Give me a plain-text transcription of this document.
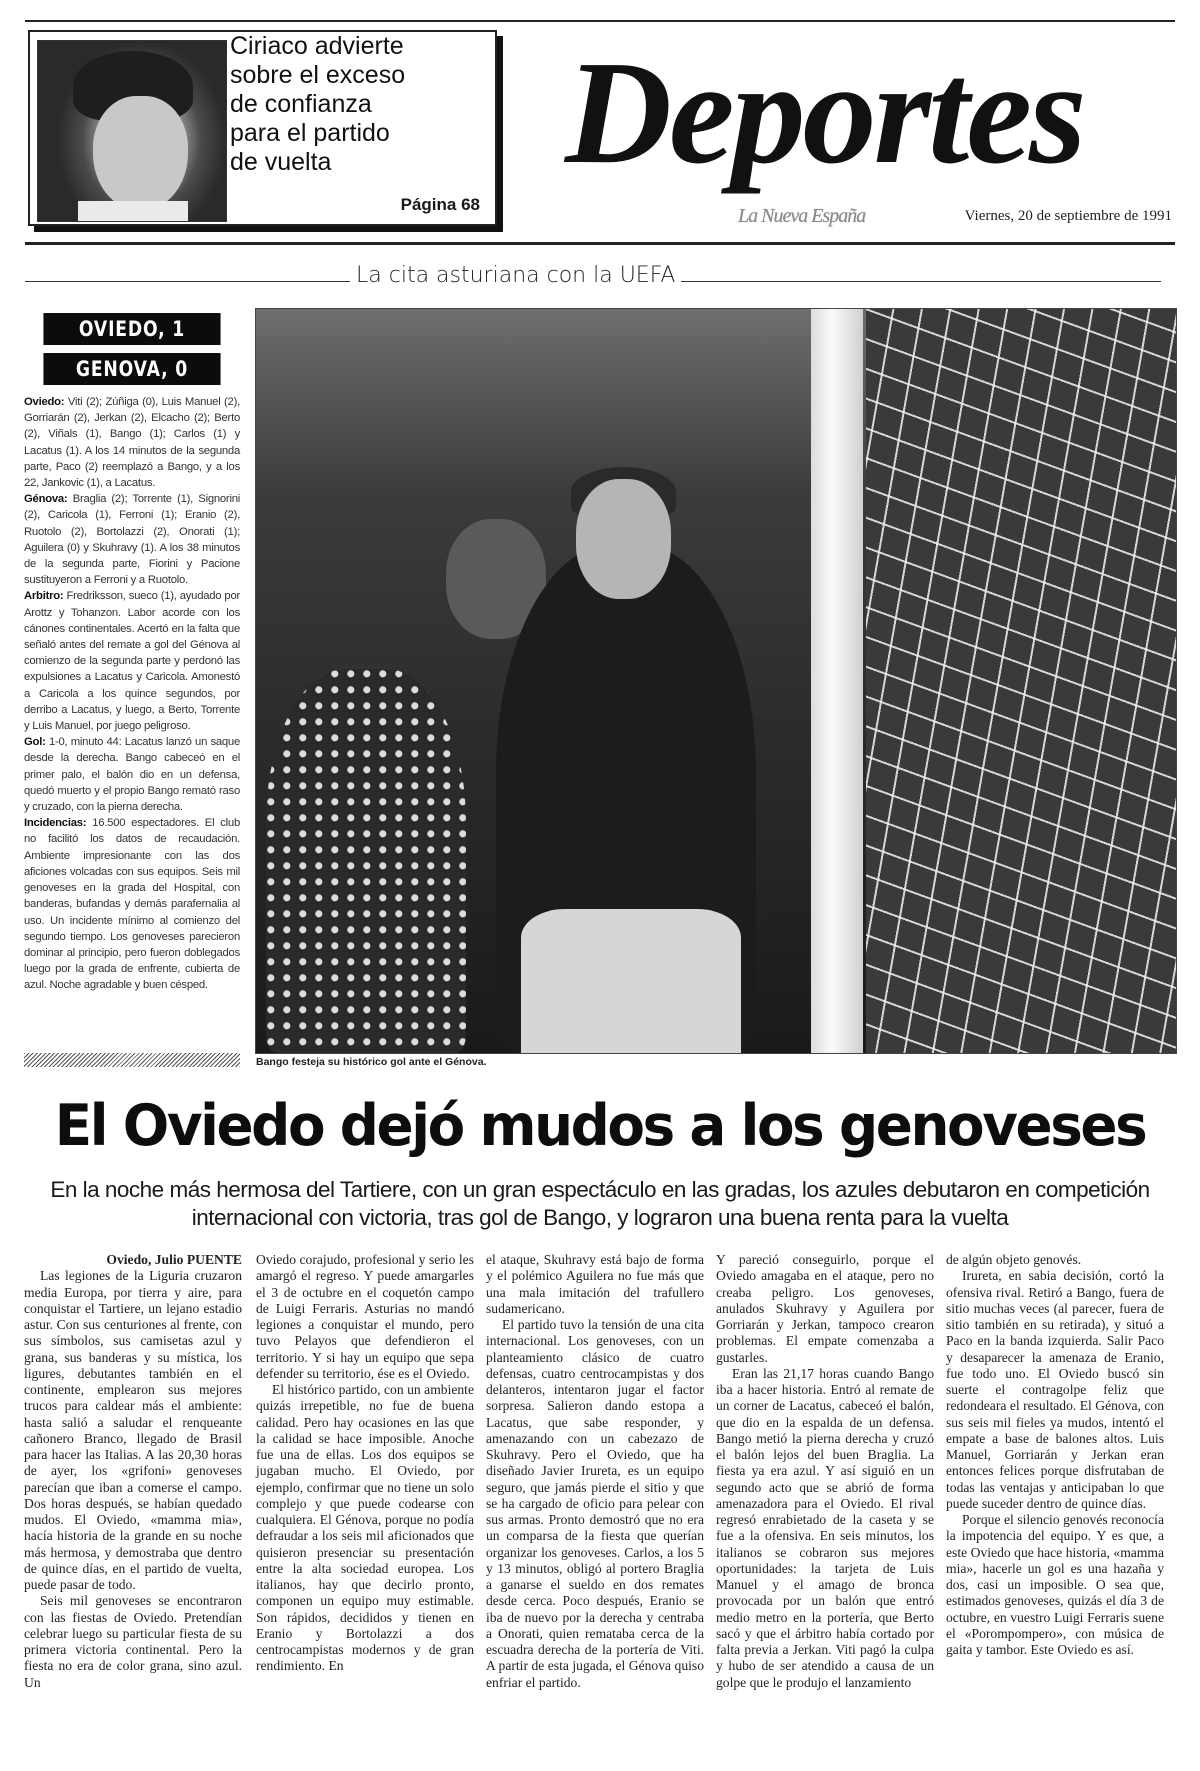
Ciriaco advierte
sobre el exceso
de confianza
para el partido
de vuelta
Página 68
Deportes
La Nueva España	Viernes, 20 de septiembre de 1991
La cita asturiana con la UEFA
OVIEDO, 1
GENOVA, 0

Oviedo: Viti (2); Zúñiga (0), Luis Manuel (2), Gorriarán (2), Jerkan (2), Elcacho (2); Berto (2), Viñals (1), Bango (1); Carlos (1) y Lacatus (1). A los 14 minutos de la segunda parte, Paco (2) reemplazó a Bango, y a los 22, Jankovic (1), a Lacatus.

Génova: Braglia (2); Torrente (1), Signorini (2), Caricola (1), Ferroni (1); Eranio (2), Ruotolo (2), Bortolazzi (2), Onorati (1); Aguilera (0) y Skuhravy (1). A los 38 minutos de la segunda parte, Fiorini y Pacione sustituyeron a Ferroni y a Ruotolo.

Arbitro: Fredriksson, sueco (1), ayudado por Arottz y Tohanzon. Labor acorde con los cánones continentales. Acertó en la falta que señaló antes del remate a gol del Génova al comienzo de la segunda parte y perdonó las expulsiones a Lacatus y Caricola. Amonestó a Caricola a los quince segundos, por derribo a Lacatus, y luego, a Berto, Torrente y Luis Manuel, por juego peligroso.

Gol: 1-0, minuto 44: Lacatus lanzó un saque desde la derecha. Bango cabeceó en el primer palo, el balón dio en un defensa, quedó muerto y el propio Bango remató raso y cruzado, con la pierna derecha.

Incidencias: 16.500 espectadores. El club no facilitó los datos de recaudación. Ambiente impresionante con las dos aficiones volcadas con sus equipos. Seis mil genoveses en la grada del Hospital, con banderas, bufandas y demás parafernalia al uso. Un incidente mínimo al comienzo del segundo tiempo. Los genoveses parecieron dominar al principio, pero fueron doblegados luego por la grada de enfrente, cubierta de azul. Noche agradable y buen césped.

Bango festeja su histórico gol ante el Génova.
El Oviedo dejó mudos a los genoveses
En la noche más hermosa del Tartiere, con un gran espectáculo en las gradas, los azules debutaron en competición internacional con victoria, tras gol de Bango, y lograron una buena renta para la vuelta

Oviedo, Julio PUENTE

Las legiones de la Liguria cruzaron media Europa, por tierra y aire, para conquistar el Tartiere, un lejano estadio astur. Con sus centuriones al frente, con sus símbolos, sus camisetas azul y grana, sus banderas y su mística, los ligures, debutantes también en el continente, emplearon sus mejores trucos para caldear más el ambiente: hasta salió a saludar el renqueante cañonero Branco, llegado de Brasil para hacer las Italias. A las 20,30 horas de ayer, los «grifoni» genoveses parecían que iban a comerse el campo. Dos horas después, se habían quedado mudos. El Oviedo, «mamma mia», hacía historia de la grande en su noche más hermosa, y demostraba que dentro de quince días, en el partido de vuelta, puede pasar de todo.

Seis mil genoveses se encontraron con las fiestas de Oviedo. Pretendían celebrar luego su particular fiesta de su primera victoria continental. Pero la fiesta no era de color grana, sino azul. Un

Oviedo corajudo, profesional y serio les amargó el regreso. Y puede amargarles el 3 de octubre en el coquetón campo de Luigi Ferraris. Asturias no mandó legiones a conquistar el mundo, pero tuvo Pelayos que defendieron el territorio. Y si hay un equipo que sepa defender su territorio, ése es el Oviedo.

El histórico partido, con un ambiente quizás irrepetible, no fue de buena calidad. Pero hay ocasiones en las que la calidad se hace imposible. Anoche fue una de ellas. Los dos equipos se jugaban mucho. El Oviedo, por ejemplo, confirmar que no tiene un solo complejo y que puede codearse con cualquiera. El Génova, porque no podía defraudar a los seis mil aficionados que quisieron presenciar su presentación entre la alta sociedad europea. Los italianos, hay que decirlo pronto, componen un equipo muy estimable. Son rápidos, decididos y tienen en Eranio y Bortolazzi a dos centrocampistas modernos y de gran rendimiento. En

el ataque, Skuhravy está bajo de forma y el polémico Aguilera no fue más que una mala imitación del trafullero sudamericano.

El partido tuvo la tensión de una cita internacional. Los genoveses, con un planteamiento clásico de cuatro defensas, cuatro centrocampistas y dos delanteros, intentaron jugar el factor sorpresa. Salieron dando estopa a Lacatus, que sabe responder, y amenazando con un cabezazo de Skuhravy. Pero el Oviedo, que ha diseñado Javier Irureta, es un equipo seguro, que jamás pierde el sitio y que se ha cargado de oficio para pelear con sus armas. Pronto demostró que no era un comparsa de la fiesta que querían organizar los genoveses. Carlos, a los 5 y 13 minutos, obligó al portero Braglia a ganarse el sueldo en dos remates desde cerca. Poco después, Eranio se iba de nuevo por la derecha y centraba a Onorati, quien remataba cerca de la escuadra derecha de la portería de Viti. A partir de esta jugada, el Génova quiso enfriar el partido.

Y pareció conseguirlo, porque el Oviedo amagaba en el ataque, pero no creaba peligro. Los genoveses, anulados Skuhravy y Aguilera por Gorriarán y Jerkan, tampoco crearon problemas. El empate comenzaba a gustarles.

Eran las 21,17 horas cuando Bango iba a hacer historia. Entró al remate de un corner de Lacatus, cabeceó el balón, que dio en la espalda de un defensa. Bango metió la pierna derecha y cruzó el balón lejos del buen Braglia. La fiesta ya era azul. Y así siguió en un segundo acto que se abrió de forma amenazadora para el Oviedo. El rival regresó enrabietado de la caseta y se fue a la ofensiva. En seis minutos, los italianos se cobraron sus mejores oportunidades: la tarjeta de Luis Manuel y el amago de bronca provocada por un balón que entró medio metro en la portería, que Berto sacó y que el árbitro había cortado por falta previa a Jerkan. Viti pagó la culpa y hubo de ser atendido a causa de un golpe que le produjo el lanzamiento

de algún objeto genovés.

Irureta, en sabia decisión, cortó la ofensiva rival. Retiró a Bango, fuera de sitio muchas veces (al parecer, fuera de sitio también en su retirada), y situó a Paco en la banda izquierda. Salir Paco y desaparecer la amenaza de Eranio, fue todo uno. El Oviedo buscó sin suerte el contragolpe feliz que redondeara el resultado. El Génova, con sus seis mil fieles ya mudos, intentó el empate a base de balones altos. Luis Manuel, Gorriarán y Jerkan eran entonces felices porque disfrutaban de todas las ventajas y anticipaban lo que puede suceder dentro de quince días.

Porque el silencio genovés reconocía la impotencia del equipo. Y es que, a este Oviedo que hace historia, «mamma mia», hacerle un gol es una hazaña y dos, casi un imposible. O sea que, estimados genoveses, quizás el día 3 de octubre, en vuestro Luigi Ferraris suene el «Porompompero», con música de gaita y tambor. Este Oviedo es así.
